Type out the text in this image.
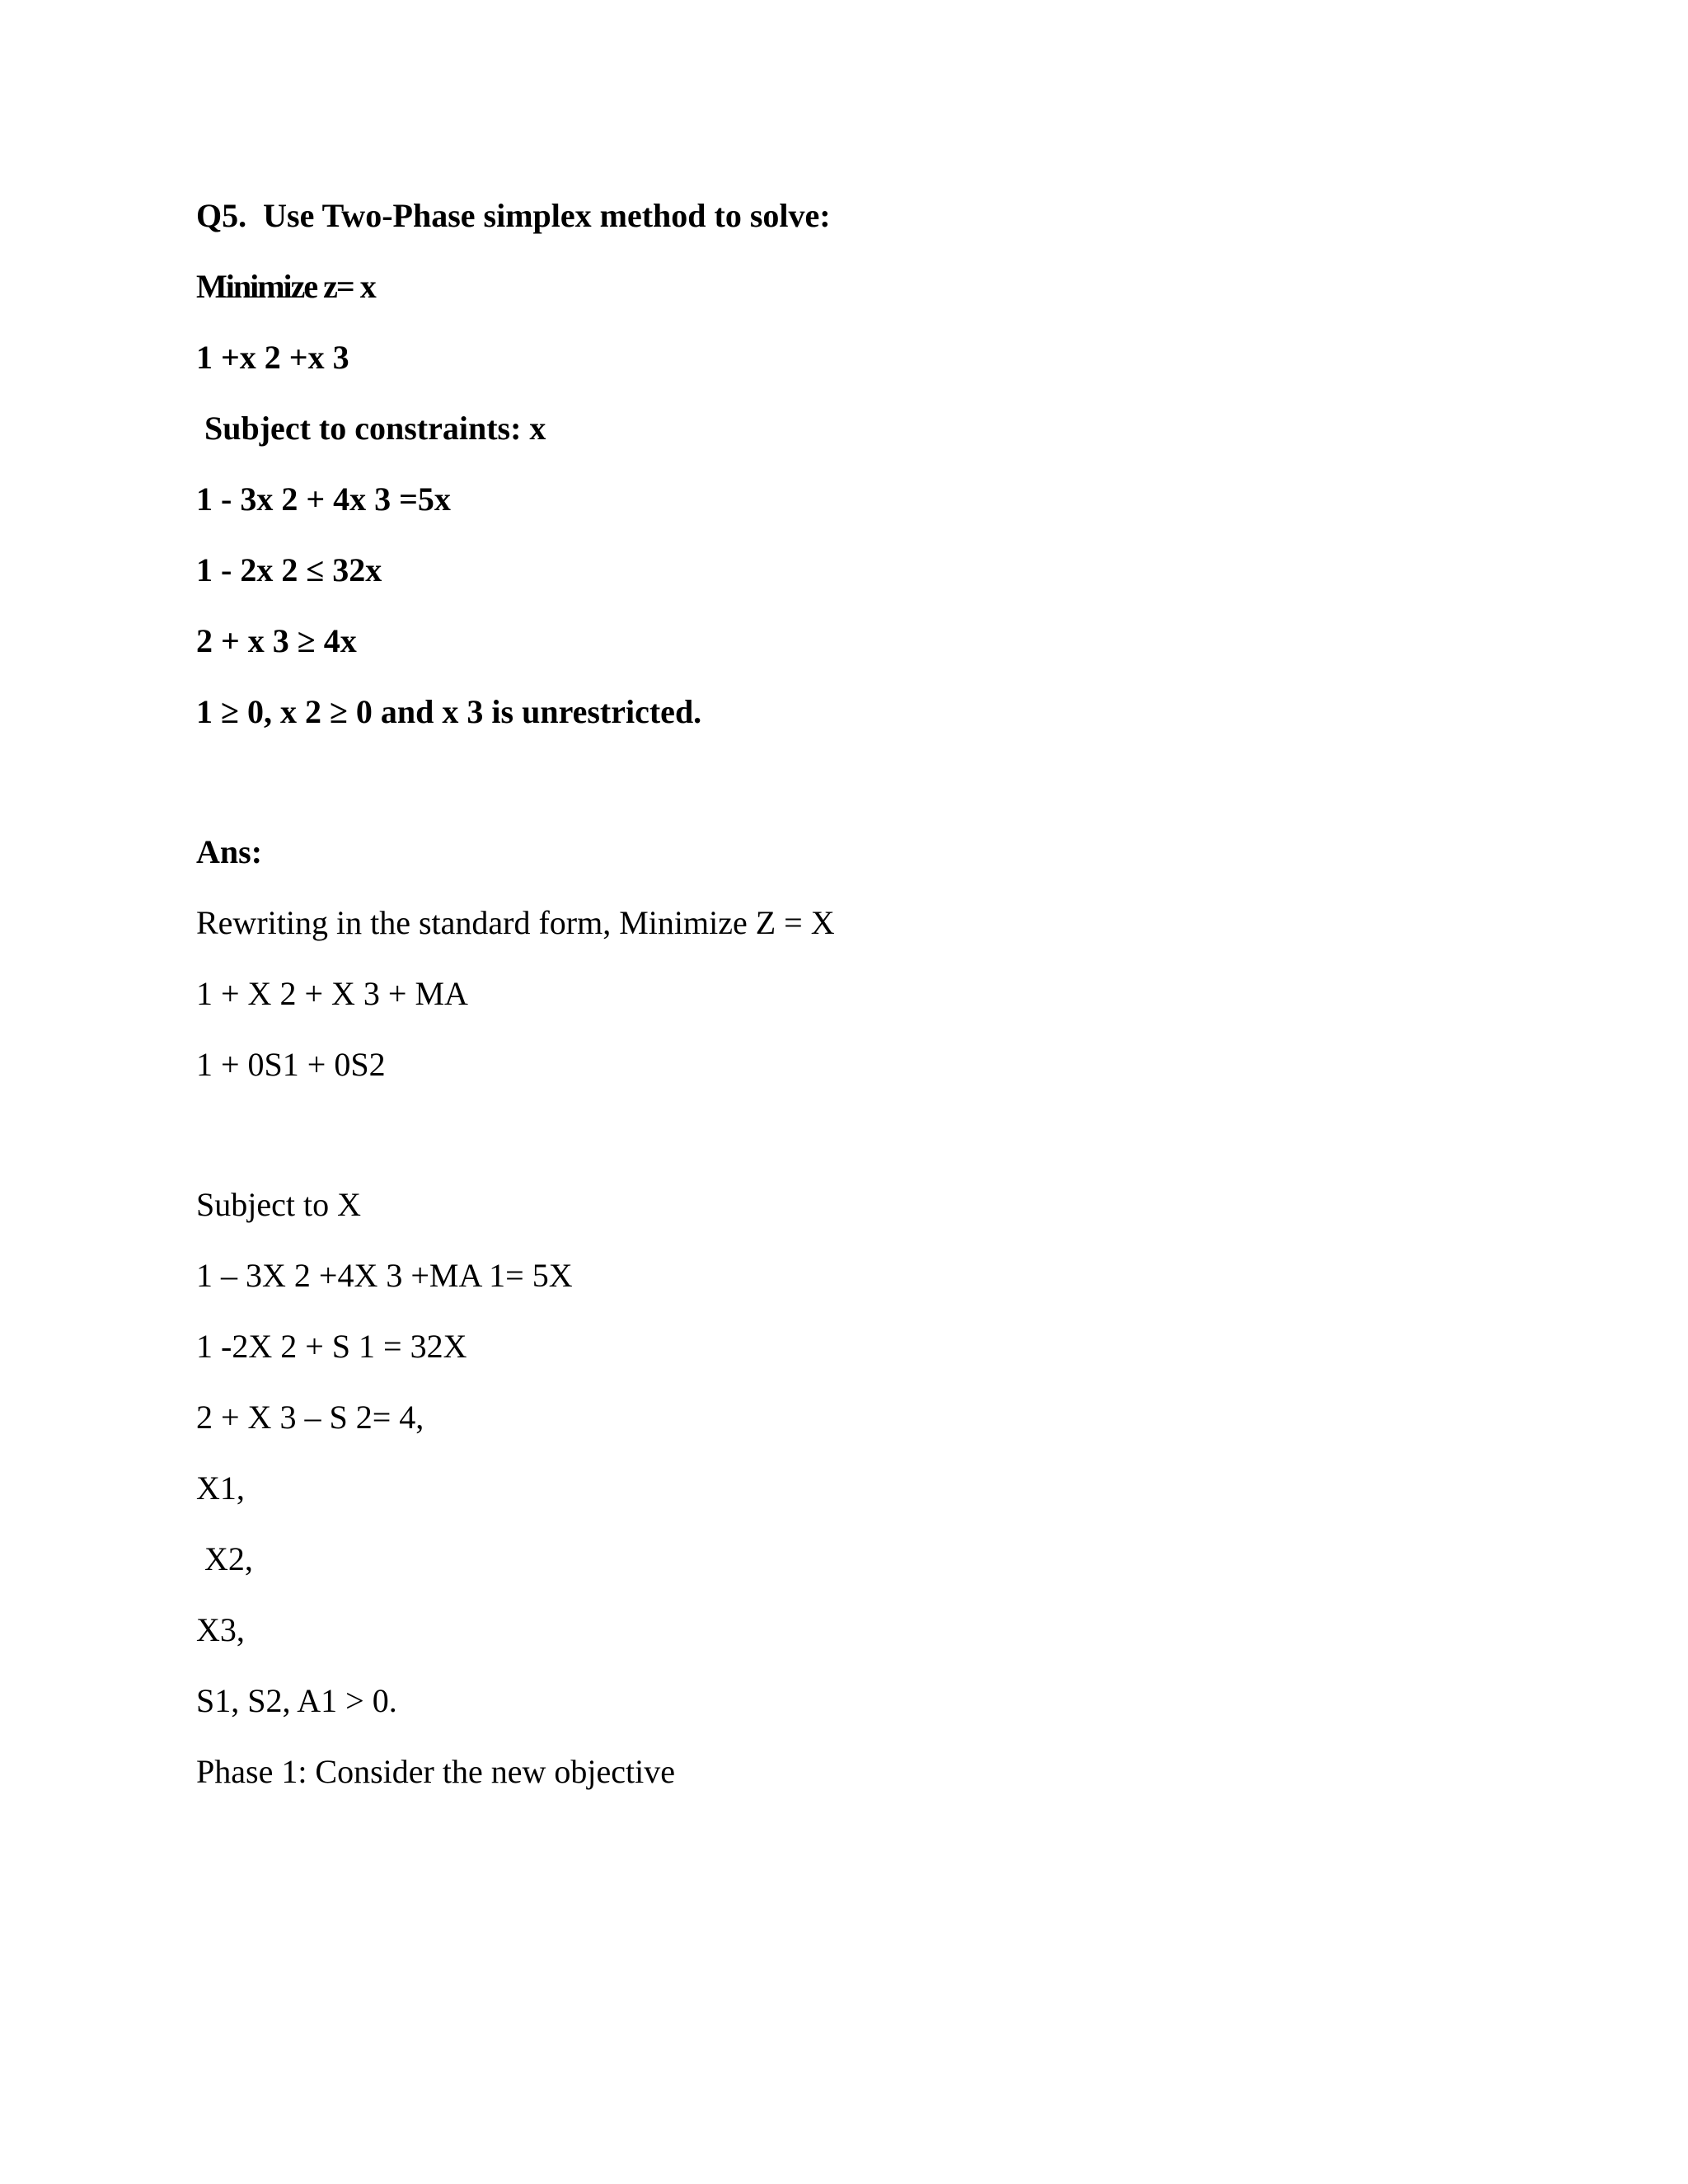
Q5.  Use Two-Phase simplex method to solve:
Minimize z= x
1 +x 2 +x 3
Subject to constraints: x
1 - 3x 2 + 4x 3 =5x
1 - 2x 2 ≤ 32x
2 + x 3 ≥ 4x
1 ≥ 0, x 2 ≥ 0 and x 3 is unrestricted.
Ans:
Rewriting in the standard form, Minimize Z = X
1 + X 2 + X 3 + MA
1 + 0S1 + 0S2
Subject to X
1 – 3X 2 +4X 3 +MA 1= 5X
1 -2X 2 + S 1 = 32X
2 + X 3 – S 2= 4,
X1,
X2,
X3,
S1, S2, A1 > 0.
Phase 1: Consider the new objective
